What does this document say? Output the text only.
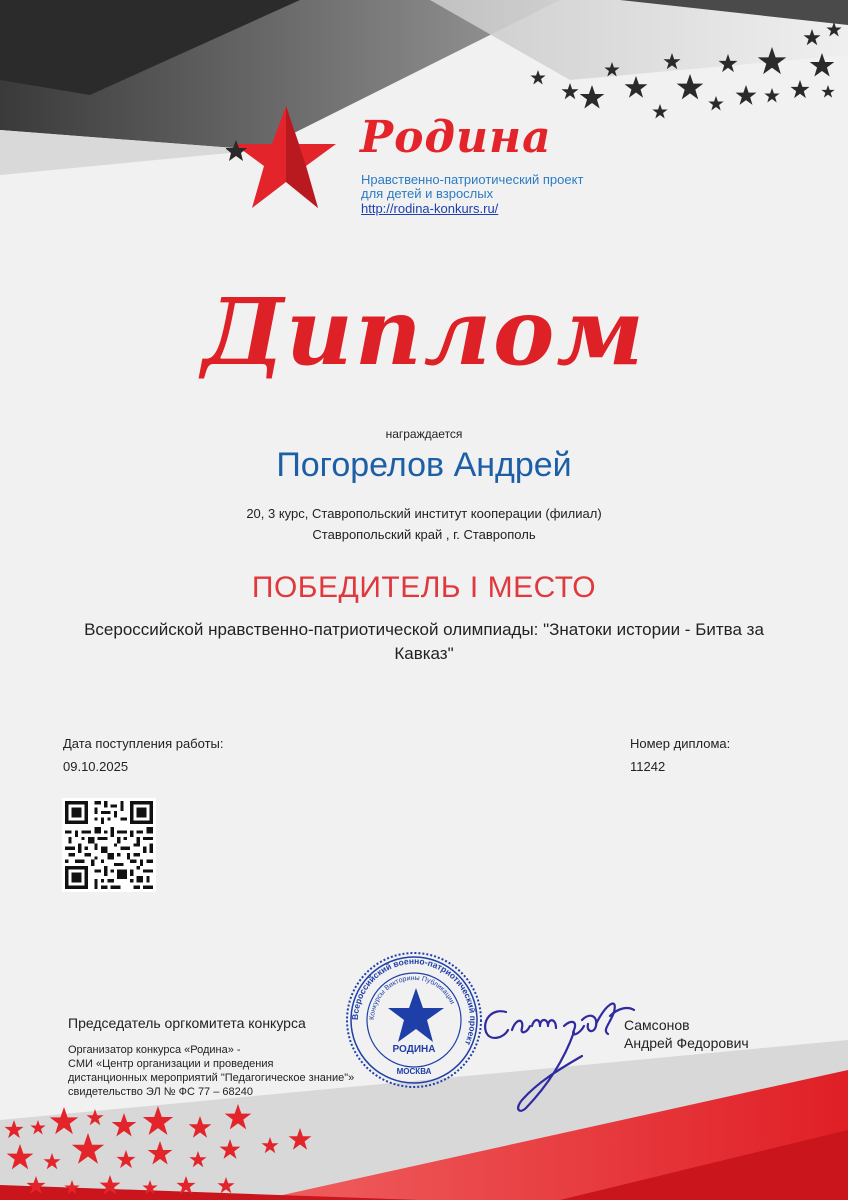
Родина
Нравственно-патриотический проект
для детей и взрослых
http://rodina-konkurs.ru/
Диплом
награждается
Погорелов Андрей
20, 3 курс, Ставропольский институт кооперации (филиал)
Ставропольский край , г. Ставрополь
ПОБЕДИТЕЛЬ I МЕСТО
Всероссийской нравственно-патриотической олимпиады: "Знатоки истории - Битва за Кавказ"
Дата поступления работы:
09.10.2025
Номер диплома:
11242
Всероссийский военно-патриотический проект
Конкурсы Викторины Публикации
МОСКВА
РОДИНА
Председатель оргкомитета конкурса
Организатор конкурса «Родина» -
СМИ «Центр организации и проведения
дистанционных мероприятий "Педагогическое знание"»
свидетельство ЭЛ № ФС 77 – 68240
Самсонов
Андрей Федорович
